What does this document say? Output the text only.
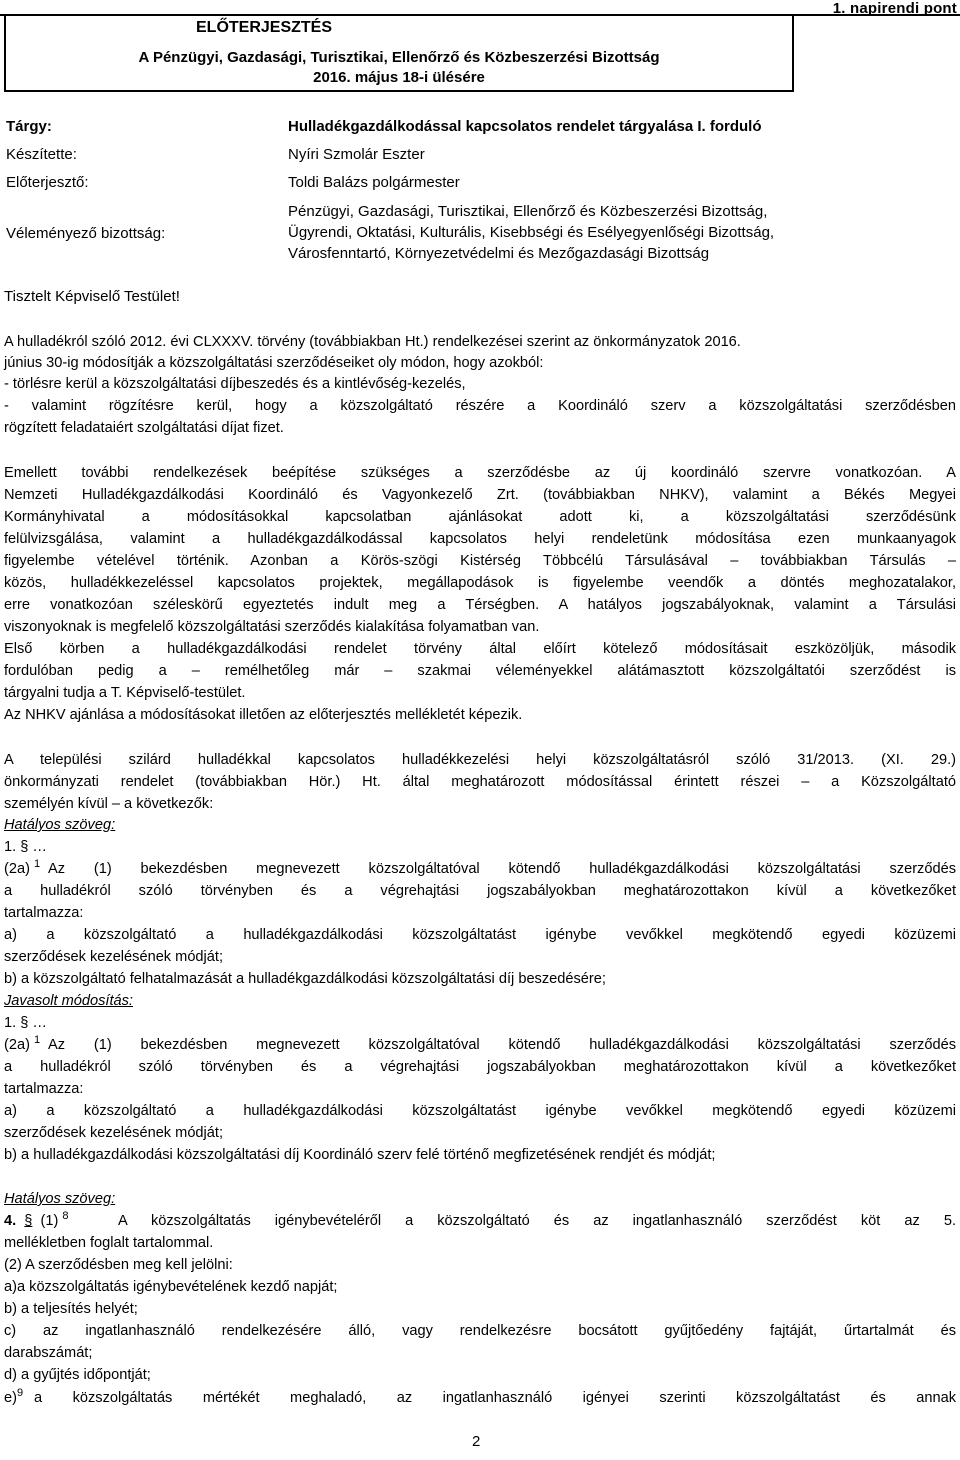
1. napirendi pont
ELŐTERJESZTÉS
A Pénzügyi, Gazdasági, Turisztikai, Ellenőrző és Közbeszerzési Bizottság
2016. május 18-i ülésére
Tárgy:	Hulladékgazdálkodással kapcsolatos rendelet tárgyalása I. forduló
Készítette:	Nyíri Szmolár Eszter
Előterjesztő:	Toldi Balázs polgármester
Véleményező bizottság:
Pénzügyi, Gazdasági, Turisztikai, Ellenőrző és Közbeszerzési Bizottság,
Ügyrendi, Oktatási, Kulturális, Kisebbségi és Esélyegyenlőségi Bizottság,
Városfenntartó, Környezetvédelmi és Mezőgazdasági Bizottság
Tisztelt Képviselő Testület!
A hulladékról szóló 2012. évi CLXXXV. törvény (továbbiakban Ht.) rendelkezései szerint az önkormányzatok 2016.
június 30-ig módosítják a közszolgáltatási szerződéseiket oly módon, hogy azokból:
- törlésre kerül a közszolgáltatási díjbeszedés és a kintlévőség-kezelés,
- valamint rögzítésre kerül, hogy a közszolgáltató részére a Koordináló szerv a közszolgáltatási szerződésben
rögzített feladataiért szolgáltatási díjat fizet.
Emellett további rendelkezések beépítése szükséges a szerződésbe az új koordináló szervre vonatkozóan. A
Nemzeti Hulladékgazdálkodási Koordináló és Vagyonkezelő Zrt. (továbbiakban NHKV), valamint a Békés Megyei
Kormányhivatal a módosításokkal kapcsolatban ajánlásokat adott ki, a közszolgáltatási szerződésünk
felülvizsgálása, valamint a hulladékgazdálkodással kapcsolatos helyi rendeletünk módosítása ezen munkaanyagok
figyelembe vételével történik. Azonban a Körös-szögi Kistérség Többcélú Társulásával – továbbiakban Társulás –
közös, hulladékkezeléssel kapcsolatos projektek, megállapodások is figyelembe veendők a döntés meghozatalakor,
erre vonatkozóan széleskörű egyeztetés indult meg a Térségben. A hatályos jogszabályoknak, valamint a Társulási
viszonyoknak is megfelelő közszolgáltatási szerződés kialakítása folyamatban van.
Első körben a hulladékgazdálkodási rendelet törvény által előírt kötelező módosításait eszközöljük, második
fordulóban pedig a – remélhetőleg már – szakmai véleményekkel alátámasztott közszolgáltatói szerződést is
tárgyalni tudja a T. Képviselő-testület.
Az NHKV ajánlása a módosításokat illetően az előterjesztés mellékletét képezik.
A települési szilárd hulladékkal kapcsolatos hulladékkezelési helyi közszolgáltatásról szóló 31/2013. (XI. 29.)
önkormányzati rendelet (továbbiakban Hör.) Ht. által meghatározott módosítással érintett részei – a Közszolgáltató
személyén kívül – a következők:
Hatályos szöveg:
1. § …
(2a) $^1$ Az (1) bekezdésben megnevezett közszolgáltatóval kötendő hulladékgazdálkodási közszolgáltatási szerződés
a hulladékról szóló törvényben és a végrehajtási jogszabályokban meghatározottakon kívül a következőket
tartalmazza:
a) a közszolgáltató a hulladékgazdálkodási közszolgáltatást igénybe vevőkkel megkötendő egyedi közüzemi
szerződések kezelésének módját;
b) a közszolgáltató felhatalmazását a hulladékgazdálkodási közszolgáltatási díj beszedésére;
Javasolt módosítás:
1. § …
(2a) $^1$ Az (1) bekezdésben megnevezett közszolgáltatóval kötendő hulladékgazdálkodási közszolgáltatási szerződés
a hulladékról szóló törvényben és a végrehajtási jogszabályokban meghatározottakon kívül a következőket
tartalmazza:
a) a közszolgáltató a hulladékgazdálkodási közszolgáltatást igénybe vevőkkel megkötendő egyedi közüzemi
szerződések kezelésének módját;
b) a hulladékgazdálkodási közszolgáltatási díj Koordináló szerv felé történő megfizetésének rendjét és módját;
Hatályos szöveg:
4. § (1) $^8$	A közszolgáltatás igénybevételéről a közszolgáltató és az ingatlanhasználó szerződést köt az 5.
mellékletben foglalt tartalommal.
(2) A szerződésben meg kell jelölni:
a)a közszolgáltatás igénybevételének kezdő napját;
b) a teljesítés helyét;
c) az ingatlanhasználó rendelkezésére álló, vagy rendelkezésre bocsátott gyűjtőedény fajtáját, űrtartalmát és
darabszámát;
d) a gyűjtés időpontját;
e)$^9$ a közszolgáltatás mértékét meghaladó, az ingatlanhasználó igényei szerinti közszolgáltatást és annak
2
